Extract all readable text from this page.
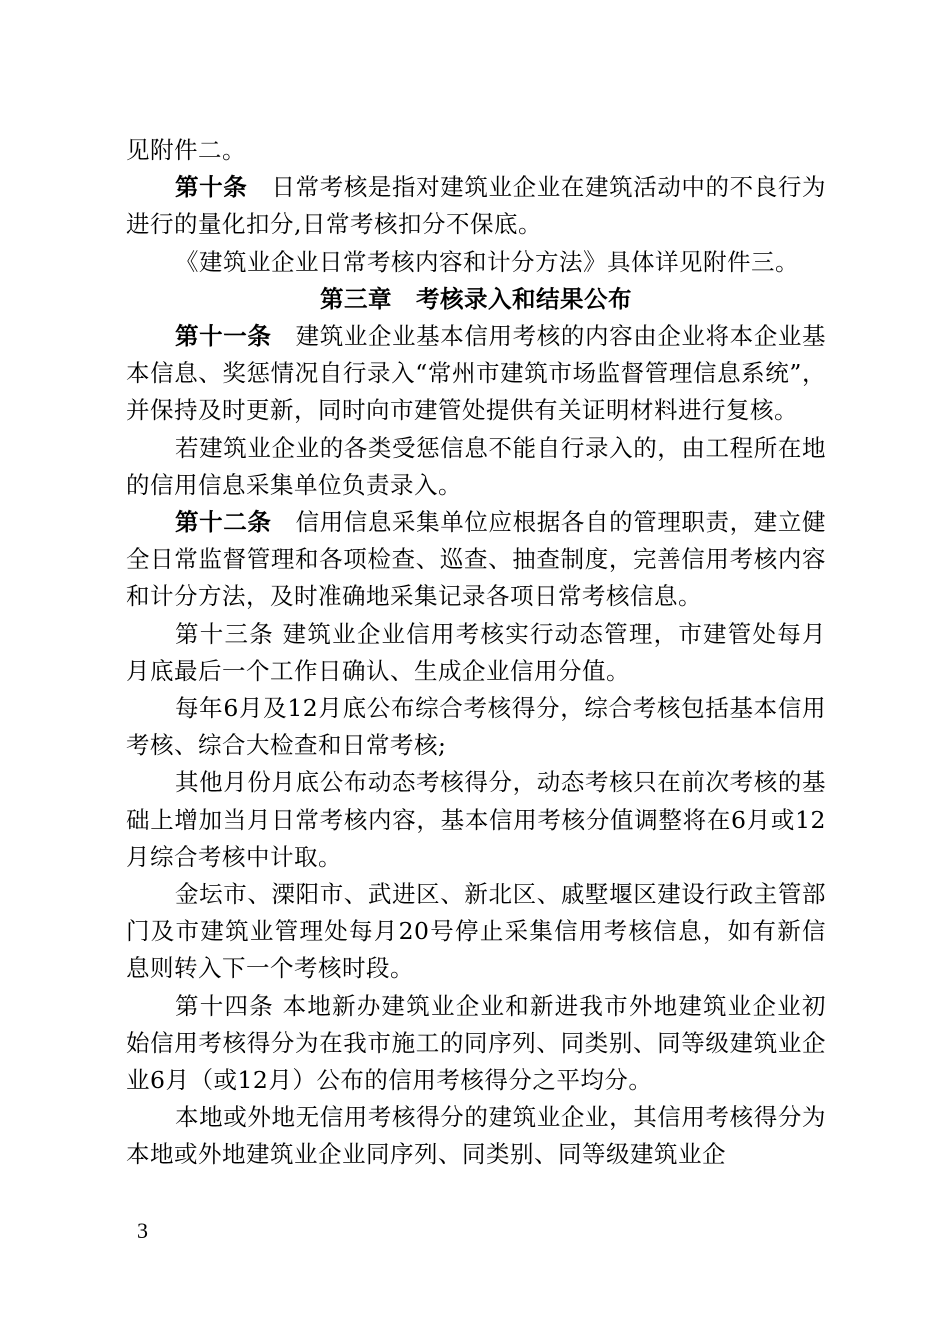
见附件二。

第十条　日常考核是指对建筑业企业在建筑活动中的不良行为进行的量化扣分,日常考核扣分不保底。

《建筑业企业日常考核内容和计分方法》具体详见附件三。

第三章　考核录入和结果公布

第十一条　建筑业企业基本信用考核的内容由企业将本企业基本信息、奖惩情况自行录入“常州市建筑市场监督管理信息系统”，并保持及时更新，同时向市建管处提供有关证明材料进行复核。

若建筑业企业的各类受惩信息不能自行录入的，由工程所在地的信用信息采集单位负责录入。

第十二条　信用信息采集单位应根据各自的管理职责，建立健全日常监督管理和各项检查、巡查、抽查制度，完善信用考核内容和计分方法，及时准确地采集记录各项日常考核信息。

第十三条 建筑业企业信用考核实行动态管理，市建管处每月月底最后一个工作日确认、生成企业信用分值。

每年6月及12月底公布综合考核得分，综合考核包括基本信用考核、综合大检查和日常考核;

其他月份月底公布动态考核得分，动态考核只在前次考核的基础上增加当月日常考核内容，基本信用考核分值调整将在6月或12月综合考核中计取。

金坛市、溧阳市、武进区、新北区、戚墅堰区建设行政主管部门及市建筑业管理处每月20号停止采集信用考核信息，如有新信息则转入下一个考核时段。

第十四条 本地新办建筑业企业和新进我市外地建筑业企业初始信用考核得分为在我市施工的同序列、同类别、同等级建筑业企业6月（或12月）公布的信用考核得分之平均分。

本地或外地无信用考核得分的建筑业企业，其信用考核得分为本地或外地建筑业企业同序列、同类别、同等级建筑业企

3
